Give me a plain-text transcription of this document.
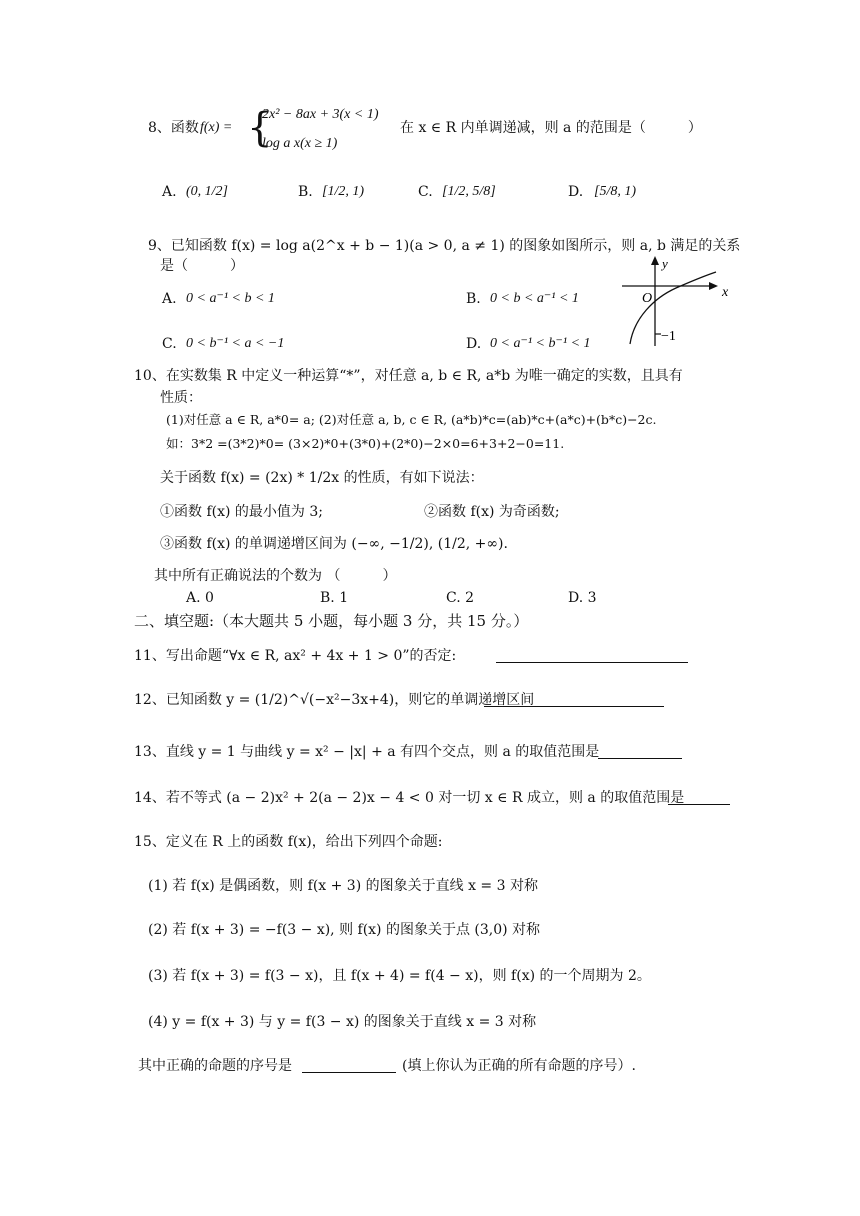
8、函数 f(x) = {
2x² − 8ax + 3(x < 1)
log a x(x ≥ 1)
在 x ∈ R 内单调递减，则 a 的范围是（　　　）
A. (0, 1/2]	B. [1/2, 1)	C. [1/2, 5/8]	D. [5/8, 1)
9、已知函数 f(x) = log a(2^x + b − 1)(a > 0, a ≠ 1) 的图象如图所示，则 a, b 满足的关系
是（　　　）
A. 0 < a⁻¹ < b < 1	B. 0 < b < a⁻¹ < 1
C. 0 < b⁻¹ < a < −1	D. 0 < a⁻¹ < b⁻¹ < 1
y
x
O
−1
10、在实数集 R 中定义一种运算“*”，对任意 a, b ∈ R, a*b 为唯一确定的实数，且具有
性质：
(1)对任意 a ∈ R, a*0= a; (2)对任意 a, b, c ∈ R, (a*b)*c=(ab)*c+(a*c)+(b*c)−2c.
如：3*2 =(3*2)*0= (3×2)*0+(3*0)+(2*0)−2×0=6+3+2−0=11.
关于函数 f(x) = (2x) * 1/2x 的性质，有如下说法：
①函数 f(x) 的最小值为 3;	②函数 f(x) 为奇函数;
③函数 f(x) 的单调递增区间为 (−∞, −1/2), (1/2, +∞).
其中所有正确说法的个数为 （　　　）
A. 0	B. 1	C. 2	D. 3
二、填空题:（本大题共 5 小题，每小题 3 分，共 15 分。）
11、写出命题“∀x ∈ R, ax² + 4x + 1 > 0”的否定:
12、已知函数 y = (1/2)^√(−x²−3x+4)，则它的单调递增区间
13、直线 y = 1 与曲线 y = x² − |x| + a 有四个交点，则 a 的取值范围是
14、若不等式 (a − 2)x² + 2(a − 2)x − 4 < 0 对一切 x ∈ R 成立，则 a 的取值范围是
15、定义在 R 上的函数 f(x)，给出下列四个命题:
(1) 若 f(x) 是偶函数，则 f(x + 3) 的图象关于直线 x = 3 对称
(2) 若 f(x + 3) = −f(3 − x), 则 f(x) 的图象关于点 (3,0) 对称
(3) 若 f(x + 3) = f(3 − x)，且 f(x + 4) = f(4 − x)，则 f(x) 的一个周期为 2。
(4) y = f(x + 3) 与 y = f(3 − x) 的图象关于直线 x = 3 对称
其中正确的命题的序号是	(填上你认为正确的所有命题的序号）.
